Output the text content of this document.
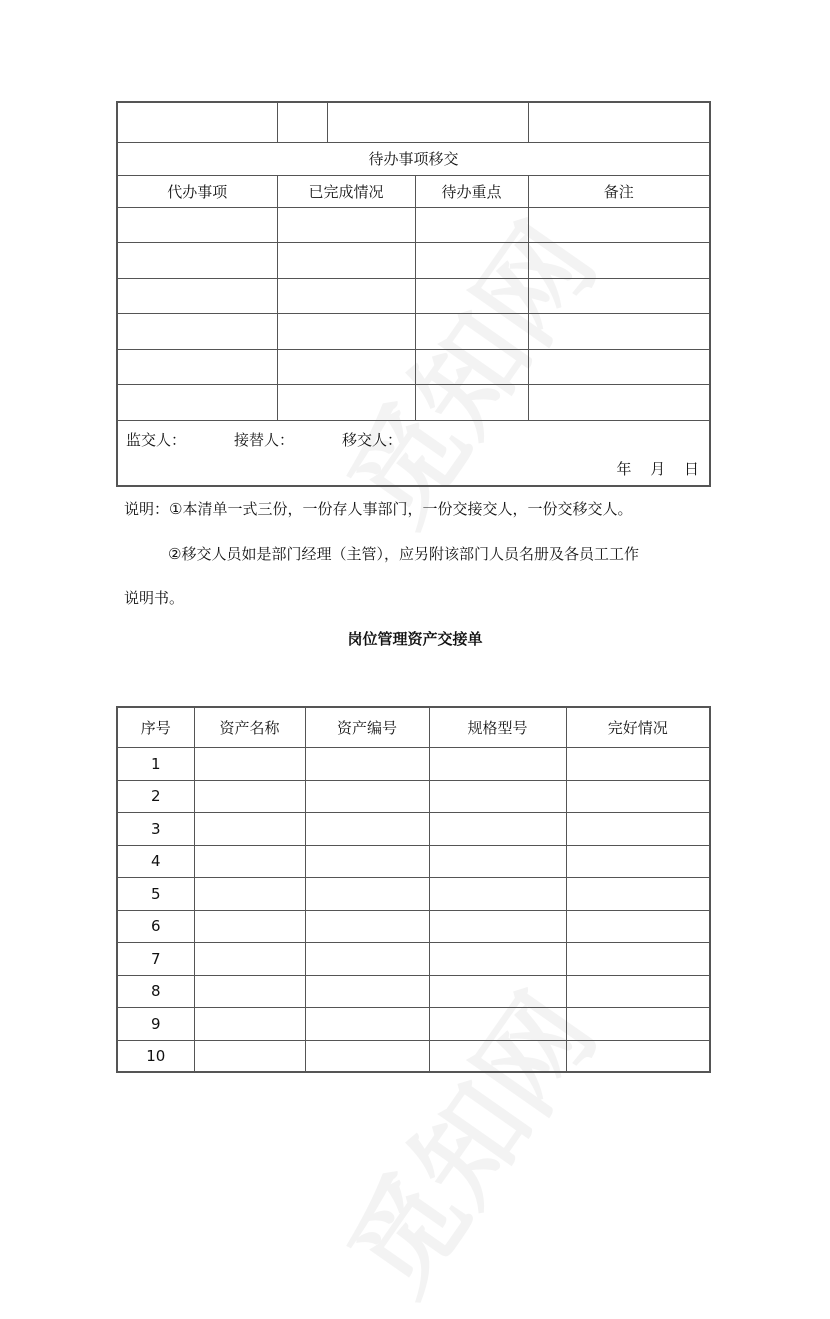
待办事项移交				
代办事项	已完成情况		待办重点	备注

监交人： 接替人： 移交人：
年 月 日				
说明：①本清单一式三份，一份存人事部门，一份交接交人，一份交移交人。
②移交人员如是部门经理（主管），应另附该部门人员名册及各员工工作
说明书。
岗位管理资产交接单
序号	资产名称	资产编号	规格型号	完好情况
1				
2				
3				
4				
5				
6				
7				
8				
9				
10				
